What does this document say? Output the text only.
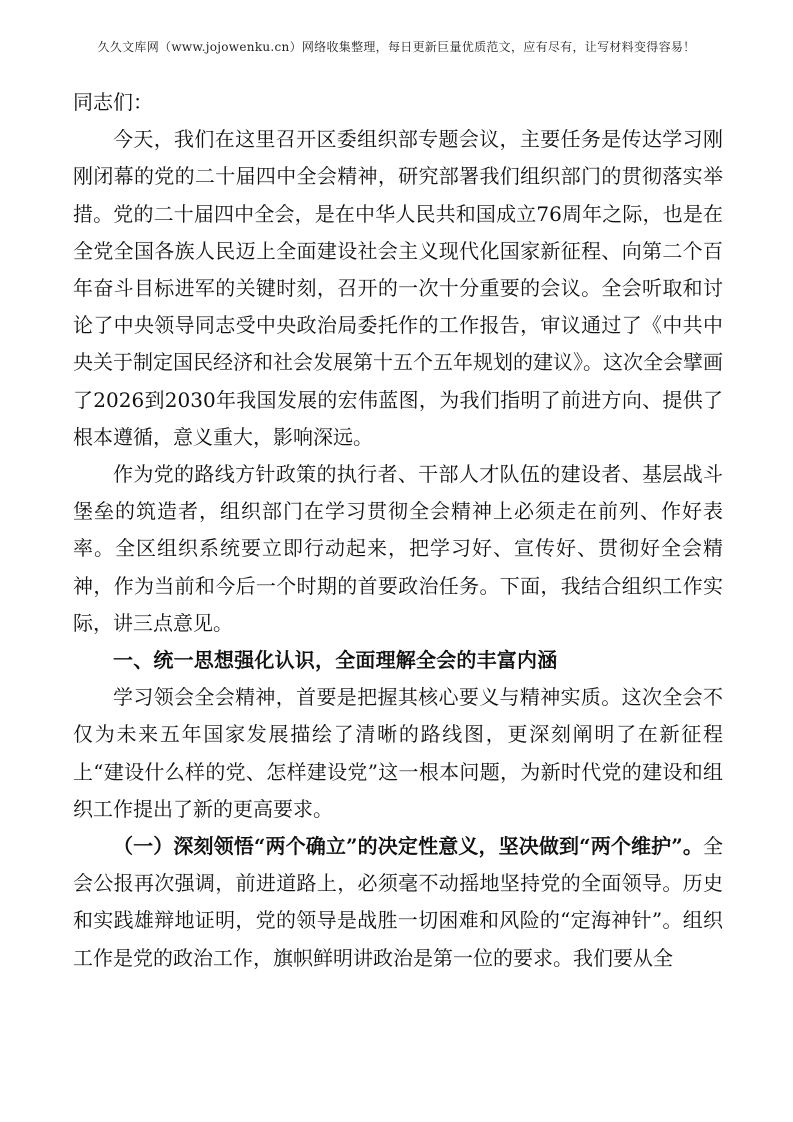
久久文库网（www.jojowenku.cn）网络收集整理，每日更新巨量优质范文，应有尽有，让写材料变得容易！

同志们：

今天，我们在这里召开区委组织部专题会议，主要任务是传达学习刚刚闭幕的党的二十届四中全会精神，研究部署我们组织部门的贯彻落实举措。党的二十届四中全会，是在中华人民共和国成立76周年之际，也是在全党全国各族人民迈上全面建设社会主义现代化国家新征程、向第二个百年奋斗目标进军的关键时刻，召开的一次十分重要的会议。全会听取和讨论了中央领导同志受中央政治局委托作的工作报告，审议通过了《中共中央关于制定国民经济和社会发展第十五个五年规划的建议》。这次全会擘画了2026到2030年我国发展的宏伟蓝图，为我们指明了前进方向、提供了根本遵循，意义重大，影响深远。

作为党的路线方针政策的执行者、干部人才队伍的建设者、基层战斗堡垒的筑造者，组织部门在学习贯彻全会精神上必须走在前列、作好表率。全区组织系统要立即行动起来，把学习好、宣传好、贯彻好全会精神，作为当前和今后一个时期的首要政治任务。下面，我结合组织工作实际，讲三点意见。

一、统一思想强化认识，全面理解全会的丰富内涵

学习领会全会精神，首要是把握其核心要义与精神实质。这次全会不仅为未来五年国家发展描绘了清晰的路线图，更深刻阐明了在新征程上“建设什么样的党、怎样建设党”这一根本问题，为新时代党的建设和组织工作提出了新的更高要求。

（一）深刻领悟“两个确立”的决定性意义，坚决做到“两个维护”。全会公报再次强调，前进道路上，必须毫不动摇地坚持党的全面领导。历史和实践雄辩地证明，党的领导是战胜一切困难和风险的“定海神针”。组织工作是党的政治工作，旗帜鲜明讲政治是第一位的要求。我们要从全
